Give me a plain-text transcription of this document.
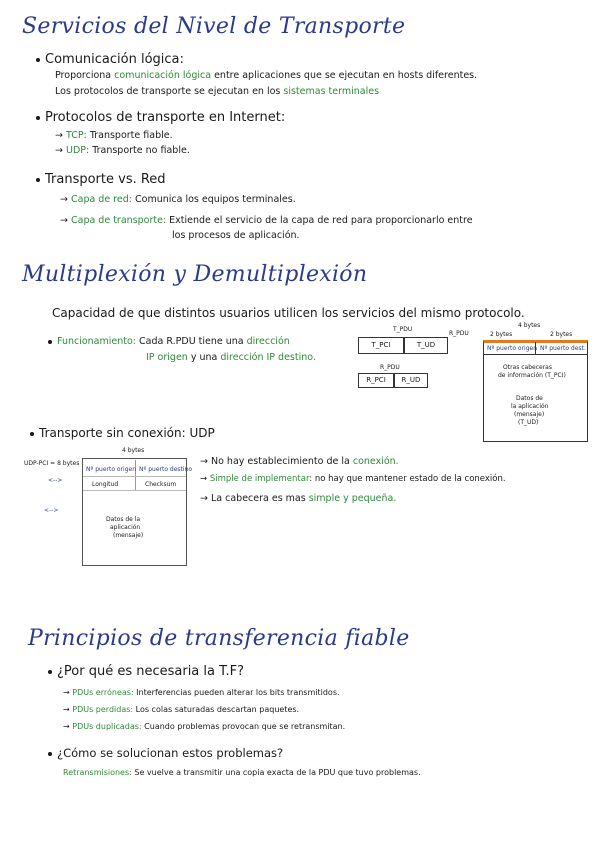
Servicios del Nivel de Transporte
Comunicación lógica:
Proporciona comunicación lógica entre aplicaciones que se ejecutan en hosts diferentes.
Los protocolos de transporte se ejecutan en los sistemas terminales
Protocolos de transporte en Internet:
→ TCP: Transporte fiable.
→ UDP: Transporte no fiable.
Transporte vs. Red
→ Capa de red: Comunica los equipos terminales.
→ Capa de transporte: Extiende el servicio de la capa de red para proporcionarlo entre
los procesos de aplicación.
Multiplexión y Demultiplexión
Capacidad de que distintos usuarios utilicen los servicios del mismo protocolo.
Funcionamiento: Cada R.PDU tiene una dirección
IP origen y una dirección IP destino.
T_PDU
T_PCI	T_UD
R_PDU
R_PDU
R_PCI	R_UD
4 bytes
2 bytes	2 bytes
Nº puerto origen Nº puerto dest.
Otras cabeceras
de información (T_PCI)
Datos de
la aplicación
(mensaje)
(T_UD)
Transporte sin conexión: UDP
UDP-PCI = 8 bytes
4 bytes
Nº puerto origen Nº puerto destino
Longitud	Checksum
<-->
<-->
Datos de la
aplicación
(mensaje)
→ No hay establecimiento de la conexión.
→ Simple de implementar: no hay que mantener estado de la conexión.
→ La cabecera es mas simple y pequeña.
Principios de transferencia fiable
¿Por qué es necesaria la T.F?
→ PDUs erróneas: Interferencias pueden alterar los bits transmitidos.
→ PDUs perdidas: Los colas saturadas descartan paquetes.
→ PDUs duplicadas: Cuando problemas provocan que se retransmitan.
¿Cómo se solucionan estos problemas?
Retransmisiones: Se vuelve a transmitir una copia exacta de la PDU que tuvo problemas.
